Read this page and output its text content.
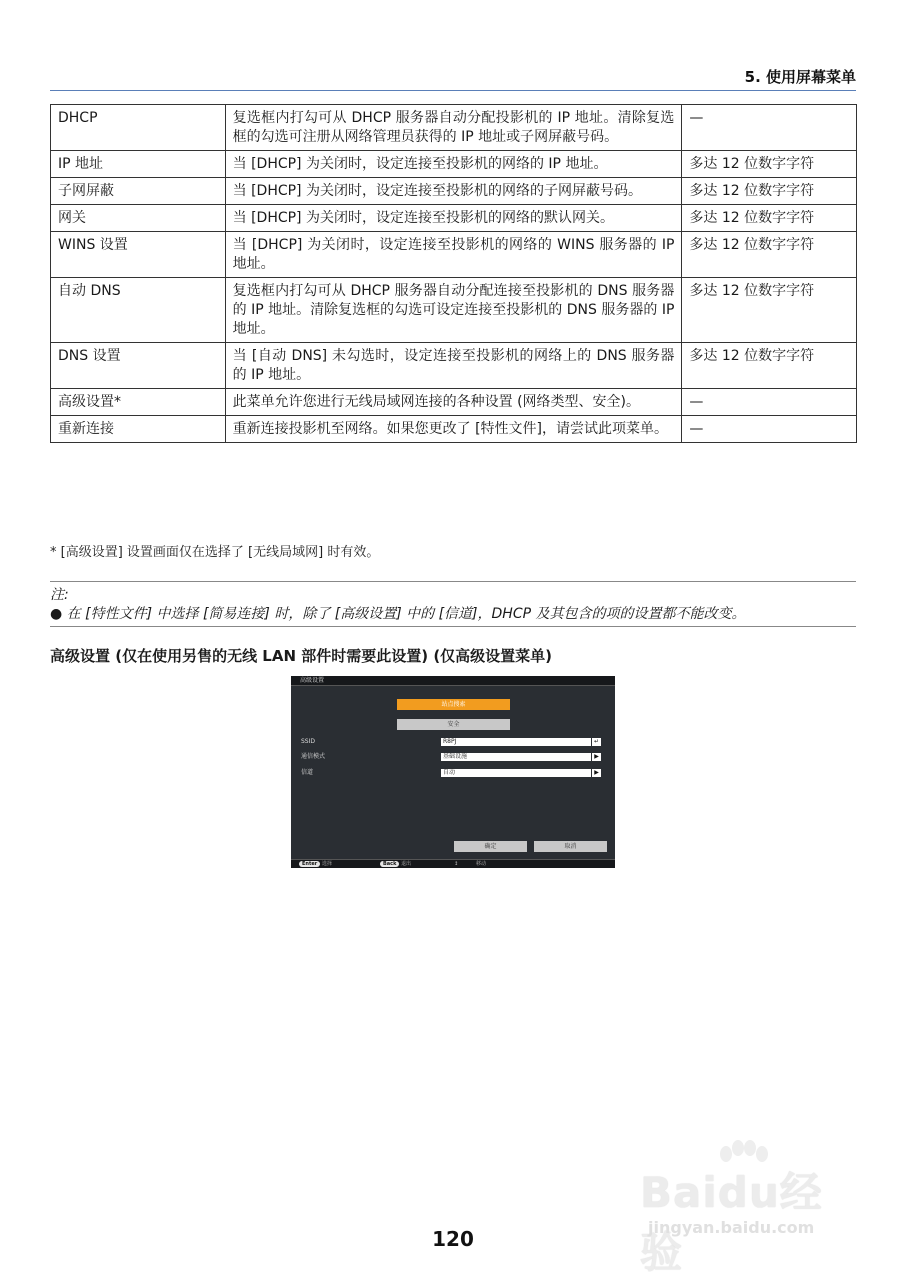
5. 使用屏幕菜单
DHCP	复选框内打勾可从 DHCP 服务器自动分配投影机的 IP 地址。清除复选框的勾选可注册从网络管理员获得的 IP 地址或子网屏蔽号码。	—
IP 地址	当 [DHCP] 为关闭时，设定连接至投影机的网络的 IP 地址。	多达 12 位数字字符
子网屏蔽	当 [DHCP] 为关闭时，设定连接至投影机的网络的子网屏蔽号码。	多达 12 位数字字符
网关	当 [DHCP] 为关闭时，设定连接至投影机的网络的默认网关。	多达 12 位数字字符
WINS 设置	当 [DHCP] 为关闭时，设定连接至投影机的网络的 WINS 服务器的 IP 地址。	多达 12 位数字字符
自动 DNS	复选框内打勾可从 DHCP 服务器自动分配连接至投影机的 DNS 服务器的 IP 地址。清除复选框的勾选可设定连接至投影机的 DNS 服务器的 IP 地址。	多达 12 位数字字符
DNS 设置	当 [自动 DNS] 未勾选时，设定连接至投影机的网络上的 DNS 服务器的 IP 地址。	多达 12 位数字字符
高级设置*	此菜单允许您进行无线局域网连接的各种设置 (网络类型、安全)。	—
重新连接	重新连接投影机至网络。如果您更改了 [特性文件]，请尝试此项菜单。	—
* [高级设置] 设置画面仅在选择了 [无线局域网] 时有效。
注:
● 在 [特性文件] 中选择 [简易连接] 时，除了 [高级设置] 中的 [信道]，DHCP 及其包含的项的设置都不能改变。
高级设置 (仅在使用另售的无线 LAN 部件时需要此设置) (仅高级设置菜单)
高级设置
站点搜索
安全
SSID	R8PJ	↵
通信模式	基础设施	▶
信道	自动	▶
确定	取消
Enter 选择	Back 退出	↕	移动
Baidu经验
jingyan.baidu.com
120
